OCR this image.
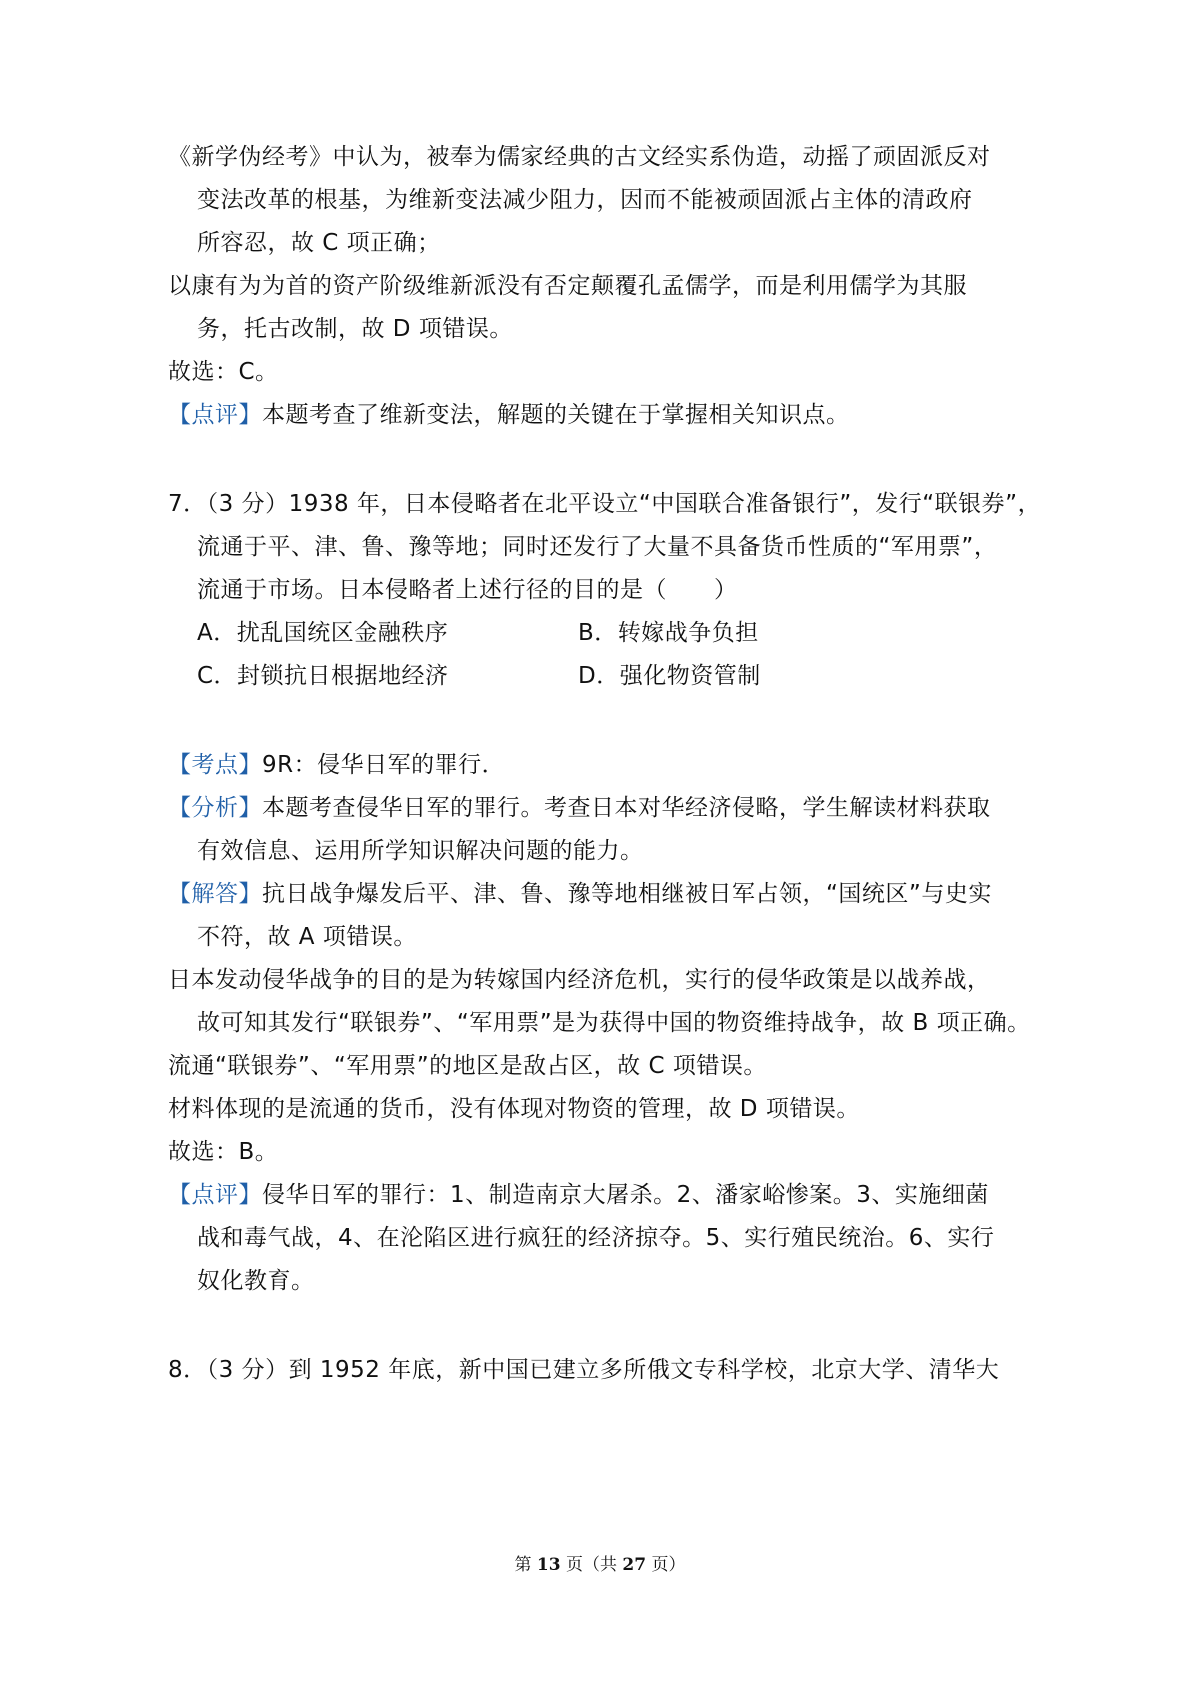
《新学伪经考》中认为，被奉为儒家经典的古文经实系伪造，动摇了顽固派反对
变法改革的根基，为维新变法减少阻力，因而不能被顽固派占主体的清政府
所容忍，故 C 项正确；
以康有为为首的资产阶级维新派没有否定颠覆孔孟儒学，而是利用儒学为其服
务，托古改制，故 D 项错误。
故选：C。
【点评】本题考查了维新变法，解题的关键在于掌握相关知识点。
7．（3 分）1938 年，日本侵略者在北平设立“中国联合准备银行”，发行“联银券”，
流通于平、津、鲁、豫等地；同时还发行了大量不具备货币性质的“军用票”，
流通于市场。日本侵略者上述行径的目的是（　　）
A．扰乱国统区金融秩序	B．转嫁战争负担
C．封锁抗日根据地经济	D．强化物资管制
【考点】9R：侵华日军的罪行．
【分析】本题考查侵华日军的罪行。考查日本对华经济侵略，学生解读材料获取
有效信息、运用所学知识解决问题的能力。
【解答】抗日战争爆发后平、津、鲁、豫等地相继被日军占领，“国统区”与史实
不符，故 A 项错误。
日本发动侵华战争的目的是为转嫁国内经济危机，实行的侵华政策是以战养战，
故可知其发行“联银券”、“军用票”是为获得中国的物资维持战争，故 B 项正确。
流通“联银券”、“军用票”的地区是敌占区，故 C 项错误。
材料体现的是流通的货币，没有体现对物资的管理，故 D 项错误。
故选：B。
【点评】侵华日军的罪行：1、制造南京大屠杀。2、潘家峪惨案。3、实施细菌
战和毒气战，4、在沦陷区进行疯狂的经济掠夺。5、实行殖民统治。6、实行
奴化教育。
8．（3 分）到 1952 年底，新中国已建立多所俄文专科学校，北京大学、清华大
第 13 页（共 27 页）
